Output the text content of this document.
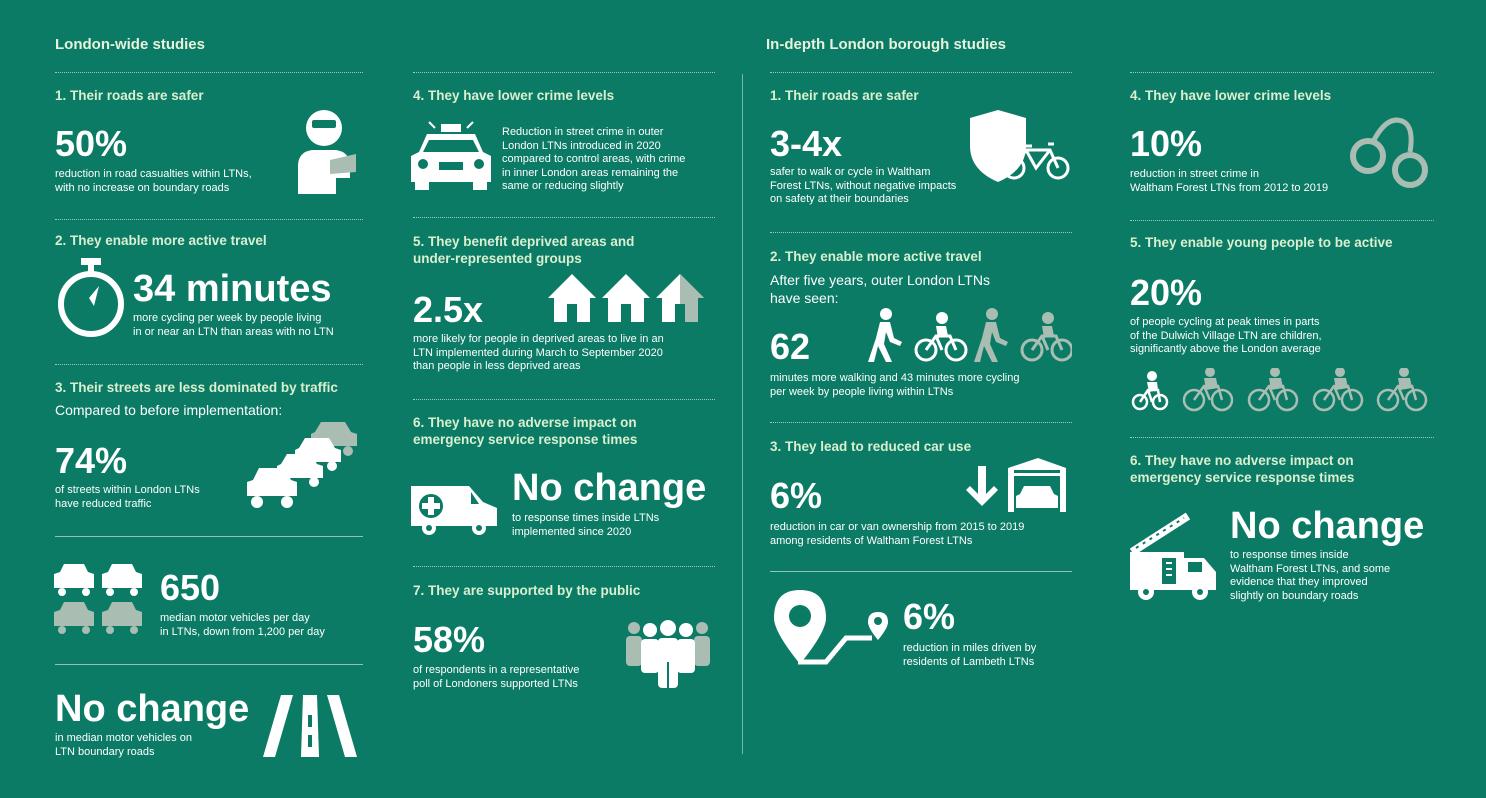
London-wide studies	In-depth London borough studies
1. Their roads are safer
50%
reduction in road casualties within LTNs,
with no increase on boundary roads
2. They enable more active travel
34 minutes
more cycling per week by people living
in or near an LTN than areas with no LTN
3. Their streets are less dominated by traffic
Compared to before implementation:
74%
of streets within London LTNs
have reduced traffic
650
median motor vehicles per day
in LTNs, down from 1,200 per day
No change
in median motor vehicles on
LTN boundary roads
4. They have lower crime levels
Reduction in street crime in outer
London LTNs introduced in 2020
compared to control areas, with crime
in inner London areas remaining the
same or reducing slightly
5. They benefit deprived areas and
under-represented groups
2.5x
more likely for people in deprived areas to live in an
LTN implemented during March to September 2020
than people in less deprived areas
6. They have no adverse impact on
emergency service response times
No change
to response times inside LTNs
implemented since 2020
7. They are supported by the public
58%
of respondents in a representative
poll of Londoners supported LTNs
1. Their roads are safer
3-4x
safer to walk or cycle in Waltham
Forest LTNs, without negative impacts
on safety at their boundaries
2. They enable more active travel
After five years, outer London LTNs
have seen:
62
minutes more walking and 43 minutes more cycling
per week by people living within LTNs
3. They lead to reduced car use
6%
reduction in car or van ownership from 2015 to 2019
among residents of Waltham Forest LTNs
6%
reduction in miles driven by
residents of Lambeth LTNs
4. They have lower crime levels
10%
reduction in street crime in
Waltham Forest LTNs from 2012 to 2019
5. They enable young people to be active
20%
of people cycling at peak times in parts
of the Dulwich Village LTN are children,
significantly above the London average
6. They have no adverse impact on
emergency service response times
No change
to response times inside
Waltham Forest LTNs, and some
evidence that they improved
slightly on boundary roads
